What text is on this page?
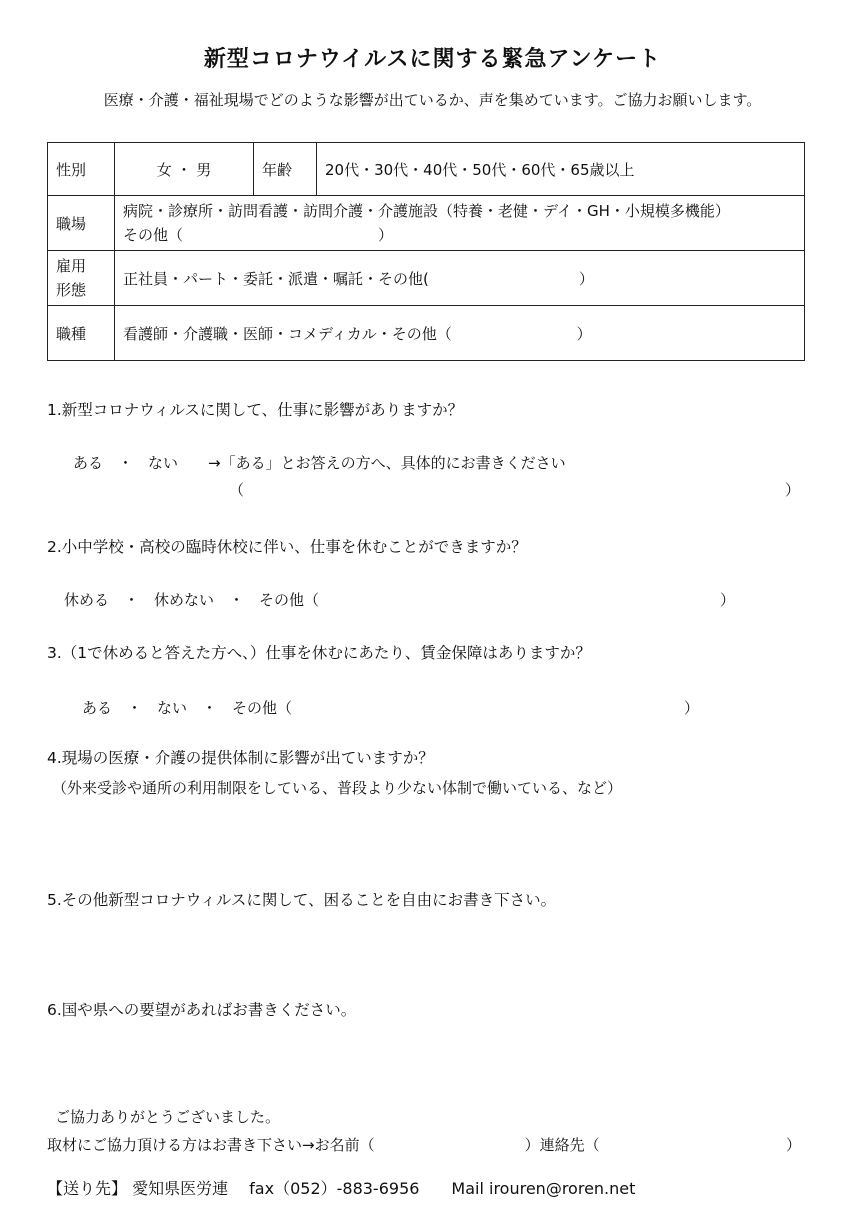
新型コロナウイルスに関する緊急アンケート
医療・介護・福祉現場でどのような影響が出ているか、声を集めています。ご協力お願いします。
性別	女 ・ 男	年齢	20代・30代・40代・50代・60代・65歳以上
職場	病院・診療所・訪問看護・訪問介護・介護施設（特養・老健・デイ・GH・小規模多機能）
その他（　　　　　　　　　　　　　）		

雇用
形態	正社員・パート・委託・派遣・嘱託・その他(　　　　　　　　　　）		
職種	看護師・介護職・医師・コメディカル・その他（　　　　　　　　 ）		
1.新型コロナウィルスに関して、仕事に影響がありますか？
ある　・　ない　　→「ある」とお答えの方へ、具体的にお書きください
（	）
2.小中学校・高校の臨時休校に伴い、仕事を休むことができますか？
休める　・　休めない　・　その他（	）
3.（1で休めると答えた方へ、）仕事を休むにあたり、賃金保障はありますか？
ある　・　ない　・　その他（	）
4.現場の医療・介護の提供体制に影響が出ていますか？
（外来受診や通所の利用制限をしている、普段より少ない体制で働いている、など）
5.その他新型コロナウィルスに関して、困ることを自由にお書き下さい。
6.国や県への要望があればお書きください。
ご協力ありがとうございました。
取材にご協力頂ける方はお書き下さい→お名前（　　　　　　　　　　）連絡先（	）
【送り先】 愛知県医労連　 fax（052）-883-6956　　Mail irouren@roren.net
